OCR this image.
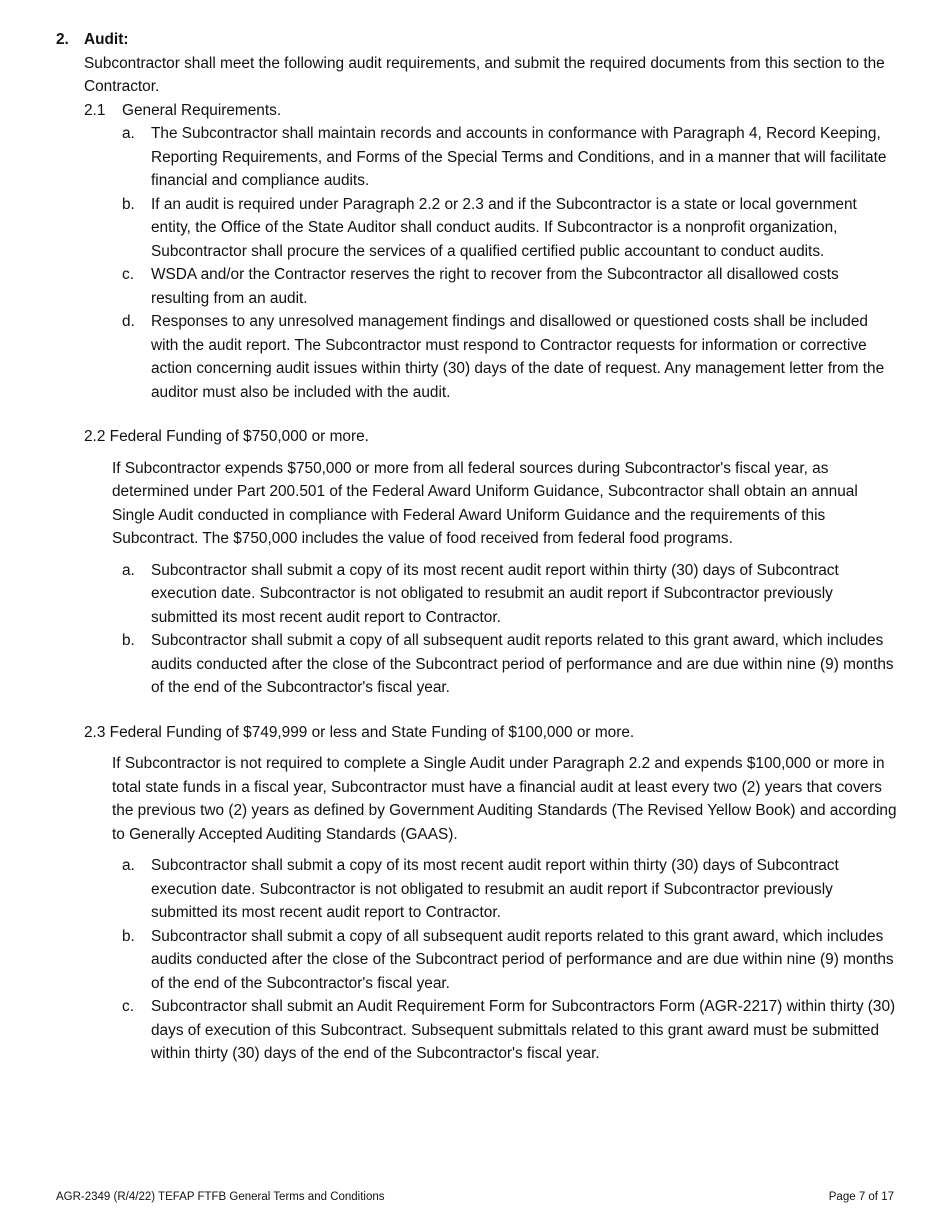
2. Audit:
Subcontractor shall meet the following audit requirements, and submit the required documents from this section to the Contractor.
2.1 General Requirements.
a. The Subcontractor shall maintain records and accounts in conformance with Paragraph 4, Record Keeping, Reporting Requirements, and Forms of the Special Terms and Conditions, and in a manner that will facilitate financial and compliance audits.
b. If an audit is required under Paragraph 2.2 or 2.3 and if the Subcontractor is a state or local government entity, the Office of the State Auditor shall conduct audits. If Subcontractor is a nonprofit organization, Subcontractor shall procure the services of a qualified certified public accountant to conduct audits.
c. WSDA and/or the Contractor reserves the right to recover from the Subcontractor all disallowed costs resulting from an audit.
d. Responses to any unresolved management findings and disallowed or questioned costs shall be included with the audit report. The Subcontractor must respond to Contractor requests for information or corrective action concerning audit issues within thirty (30) days of the date of request. Any management letter from the auditor must also be included with the audit.
2.2 Federal Funding of $750,000 or more.
If Subcontractor expends $750,000 or more from all federal sources during Subcontractor's fiscal year, as determined under Part 200.501 of the Federal Award Uniform Guidance, Subcontractor shall obtain an annual Single Audit conducted in compliance with Federal Award Uniform Guidance and the requirements of this Subcontract. The $750,000 includes the value of food received from federal food programs.
a. Subcontractor shall submit a copy of its most recent audit report within thirty (30) days of Subcontract execution date. Subcontractor is not obligated to resubmit an audit report if Subcontractor previously submitted its most recent audit report to Contractor.
b. Subcontractor shall submit a copy of all subsequent audit reports related to this grant award, which includes audits conducted after the close of the Subcontract period of performance and are due within nine (9) months of the end of the Subcontractor's fiscal year.
2.3 Federal Funding of $749,999 or less and State Funding of $100,000 or more.
If Subcontractor is not required to complete a Single Audit under Paragraph 2.2 and expends $100,000 or more in total state funds in a fiscal year, Subcontractor must have a financial audit at least every two (2) years that covers the previous two (2) years as defined by Government Auditing Standards (The Revised Yellow Book) and according to Generally Accepted Auditing Standards (GAAS).
a. Subcontractor shall submit a copy of its most recent audit report within thirty (30) days of Subcontract execution date. Subcontractor is not obligated to resubmit an audit report if Subcontractor previously submitted its most recent audit report to Contractor.
b. Subcontractor shall submit a copy of all subsequent audit reports related to this grant award, which includes audits conducted after the close of the Subcontract period of performance and are due within nine (9) months of the end of the Subcontractor's fiscal year.
c. Subcontractor shall submit an Audit Requirement Form for Subcontractors Form (AGR-2217) within thirty (30) days of execution of this Subcontract. Subsequent submittals related to this grant award must be submitted within thirty (30) days of the end of the Subcontractor's fiscal year.
AGR-2349 (R/4/22) TEFAP FTFB General Terms and Conditions	Page 7 of 17
